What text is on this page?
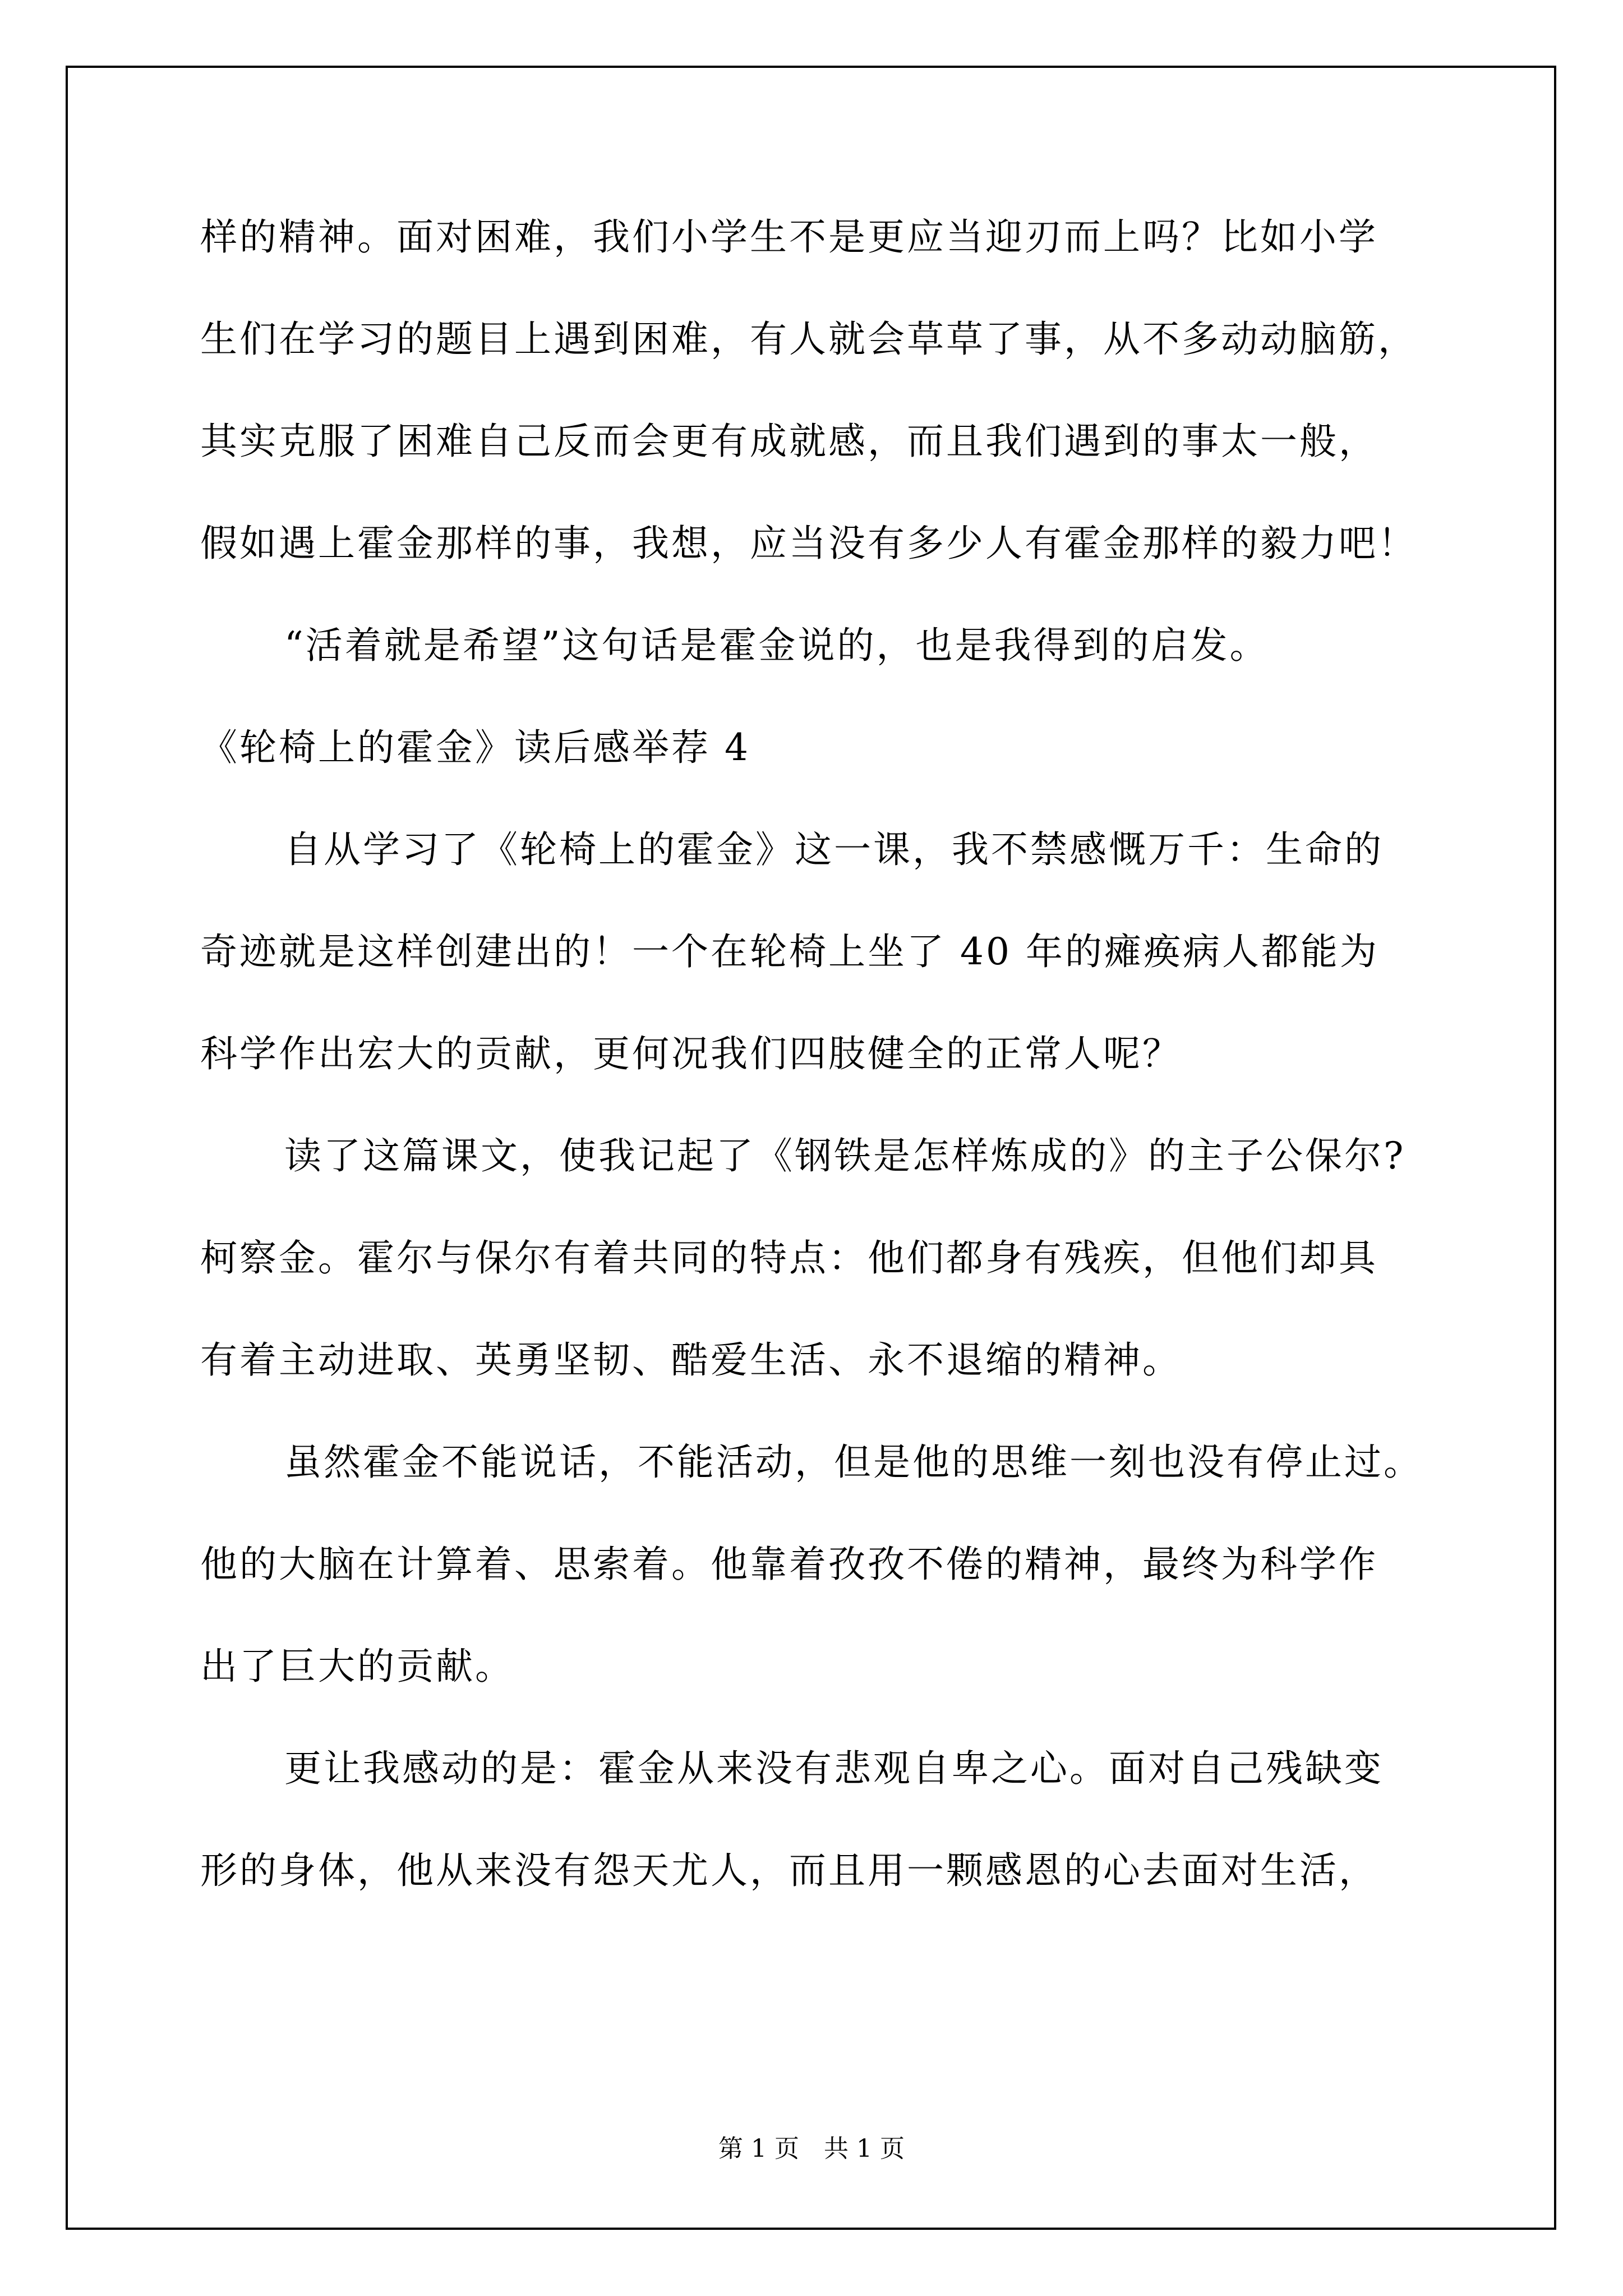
样的精神。面对困难，我们小学生不是更应当迎刃而上吗？比如小学
生们在学习的题目上遇到困难，有人就会草草了事，从不多动动脑筋，
其实克服了困难自己反而会更有成就感，而且我们遇到的事太一般，
假如遇上霍金那样的事，我想，应当没有多少人有霍金那样的毅力吧！
“活着就是希望”这句话是霍金说的，也是我得到的启发。
《轮椅上的霍金》读后感举荐 4
自从学习了《轮椅上的霍金》这一课，我不禁感慨万千：生命的
奇迹就是这样创建出的！一个在轮椅上坐了 40 年的瘫痪病人都能为
科学作出宏大的贡献，更何况我们四肢健全的正常人呢？
读了这篇课文，使我记起了《钢铁是怎样炼成的》的主子公保尔?
柯察金。霍尔与保尔有着共同的特点：他们都身有残疾，但他们却具
有着主动进取、英勇坚韧、酷爱生活、永不退缩的精神。
虽然霍金不能说话，不能活动，但是他的思维一刻也没有停止过。
他的大脑在计算着、思索着。他靠着孜孜不倦的精神，最终为科学作
出了巨大的贡献。
更让我感动的是：霍金从来没有悲观自卑之心。面对自己残缺变
形的身体，他从来没有怨天尤人，而且用一颗感恩的心去面对生活，
第 1 页　共 1 页
